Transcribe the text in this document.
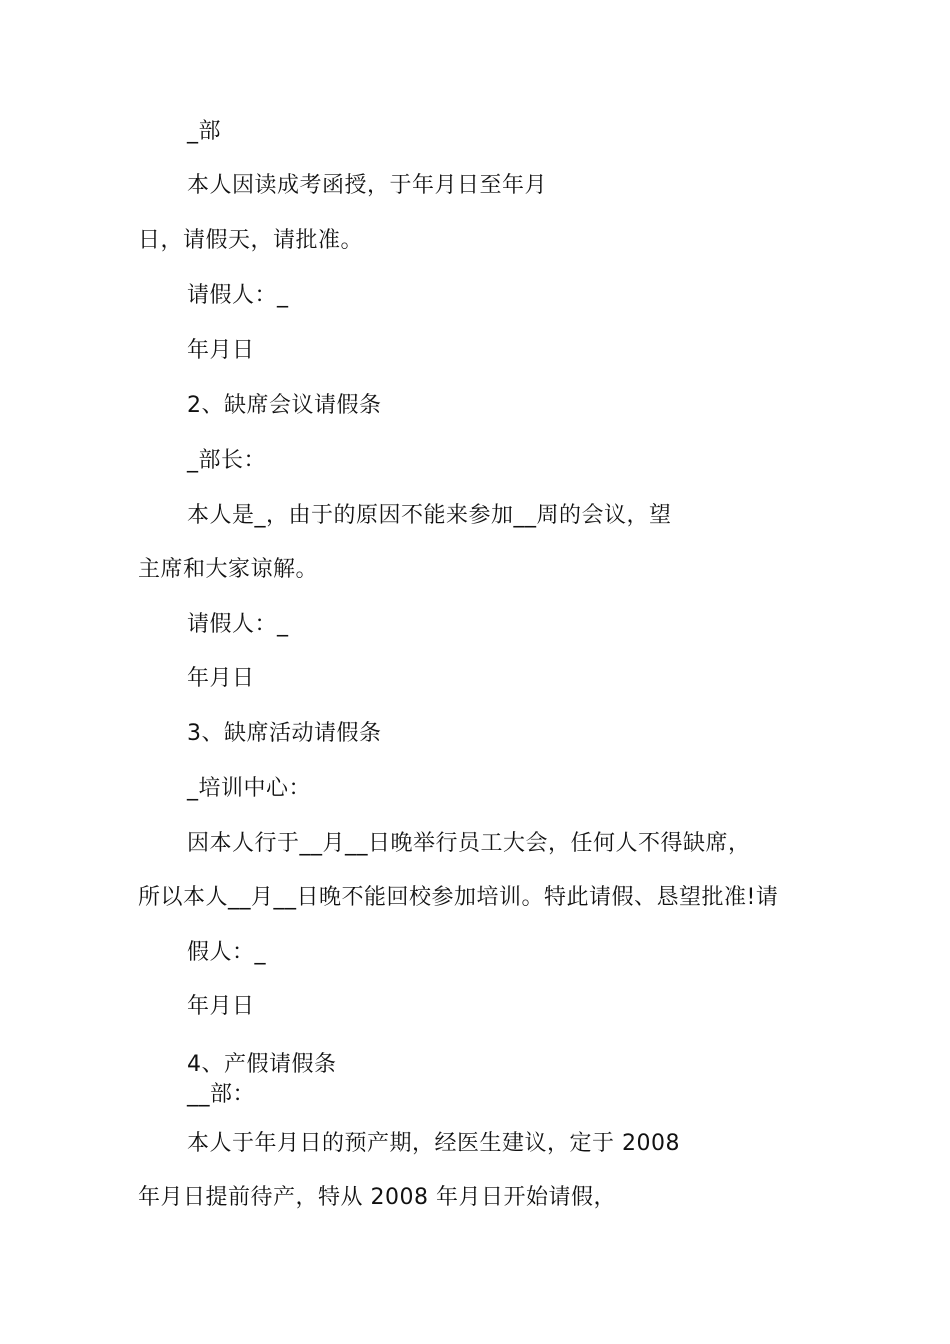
_部
本人因读成考函授，于年月日至年月
日，请假天，请批准。
请假人：_
年月日
2、缺席会议请假条
_部长：
本人是_，由于的原因不能来参加__周的会议，望
主席和大家谅解。
请假人：_
年月日
3、缺席活动请假条
_培训中心：
因本人行于__月__日晚举行员工大会，任何人不得缺席，
所以本人__月__日晚不能回校参加培训。特此请假、恳望批准!请
假人：_
年月日
4、产假请假条
__部：
本人于年月日的预产期，经医生建议，定于 2008
年月日提前待产，特从 2008 年月日开始请假，
